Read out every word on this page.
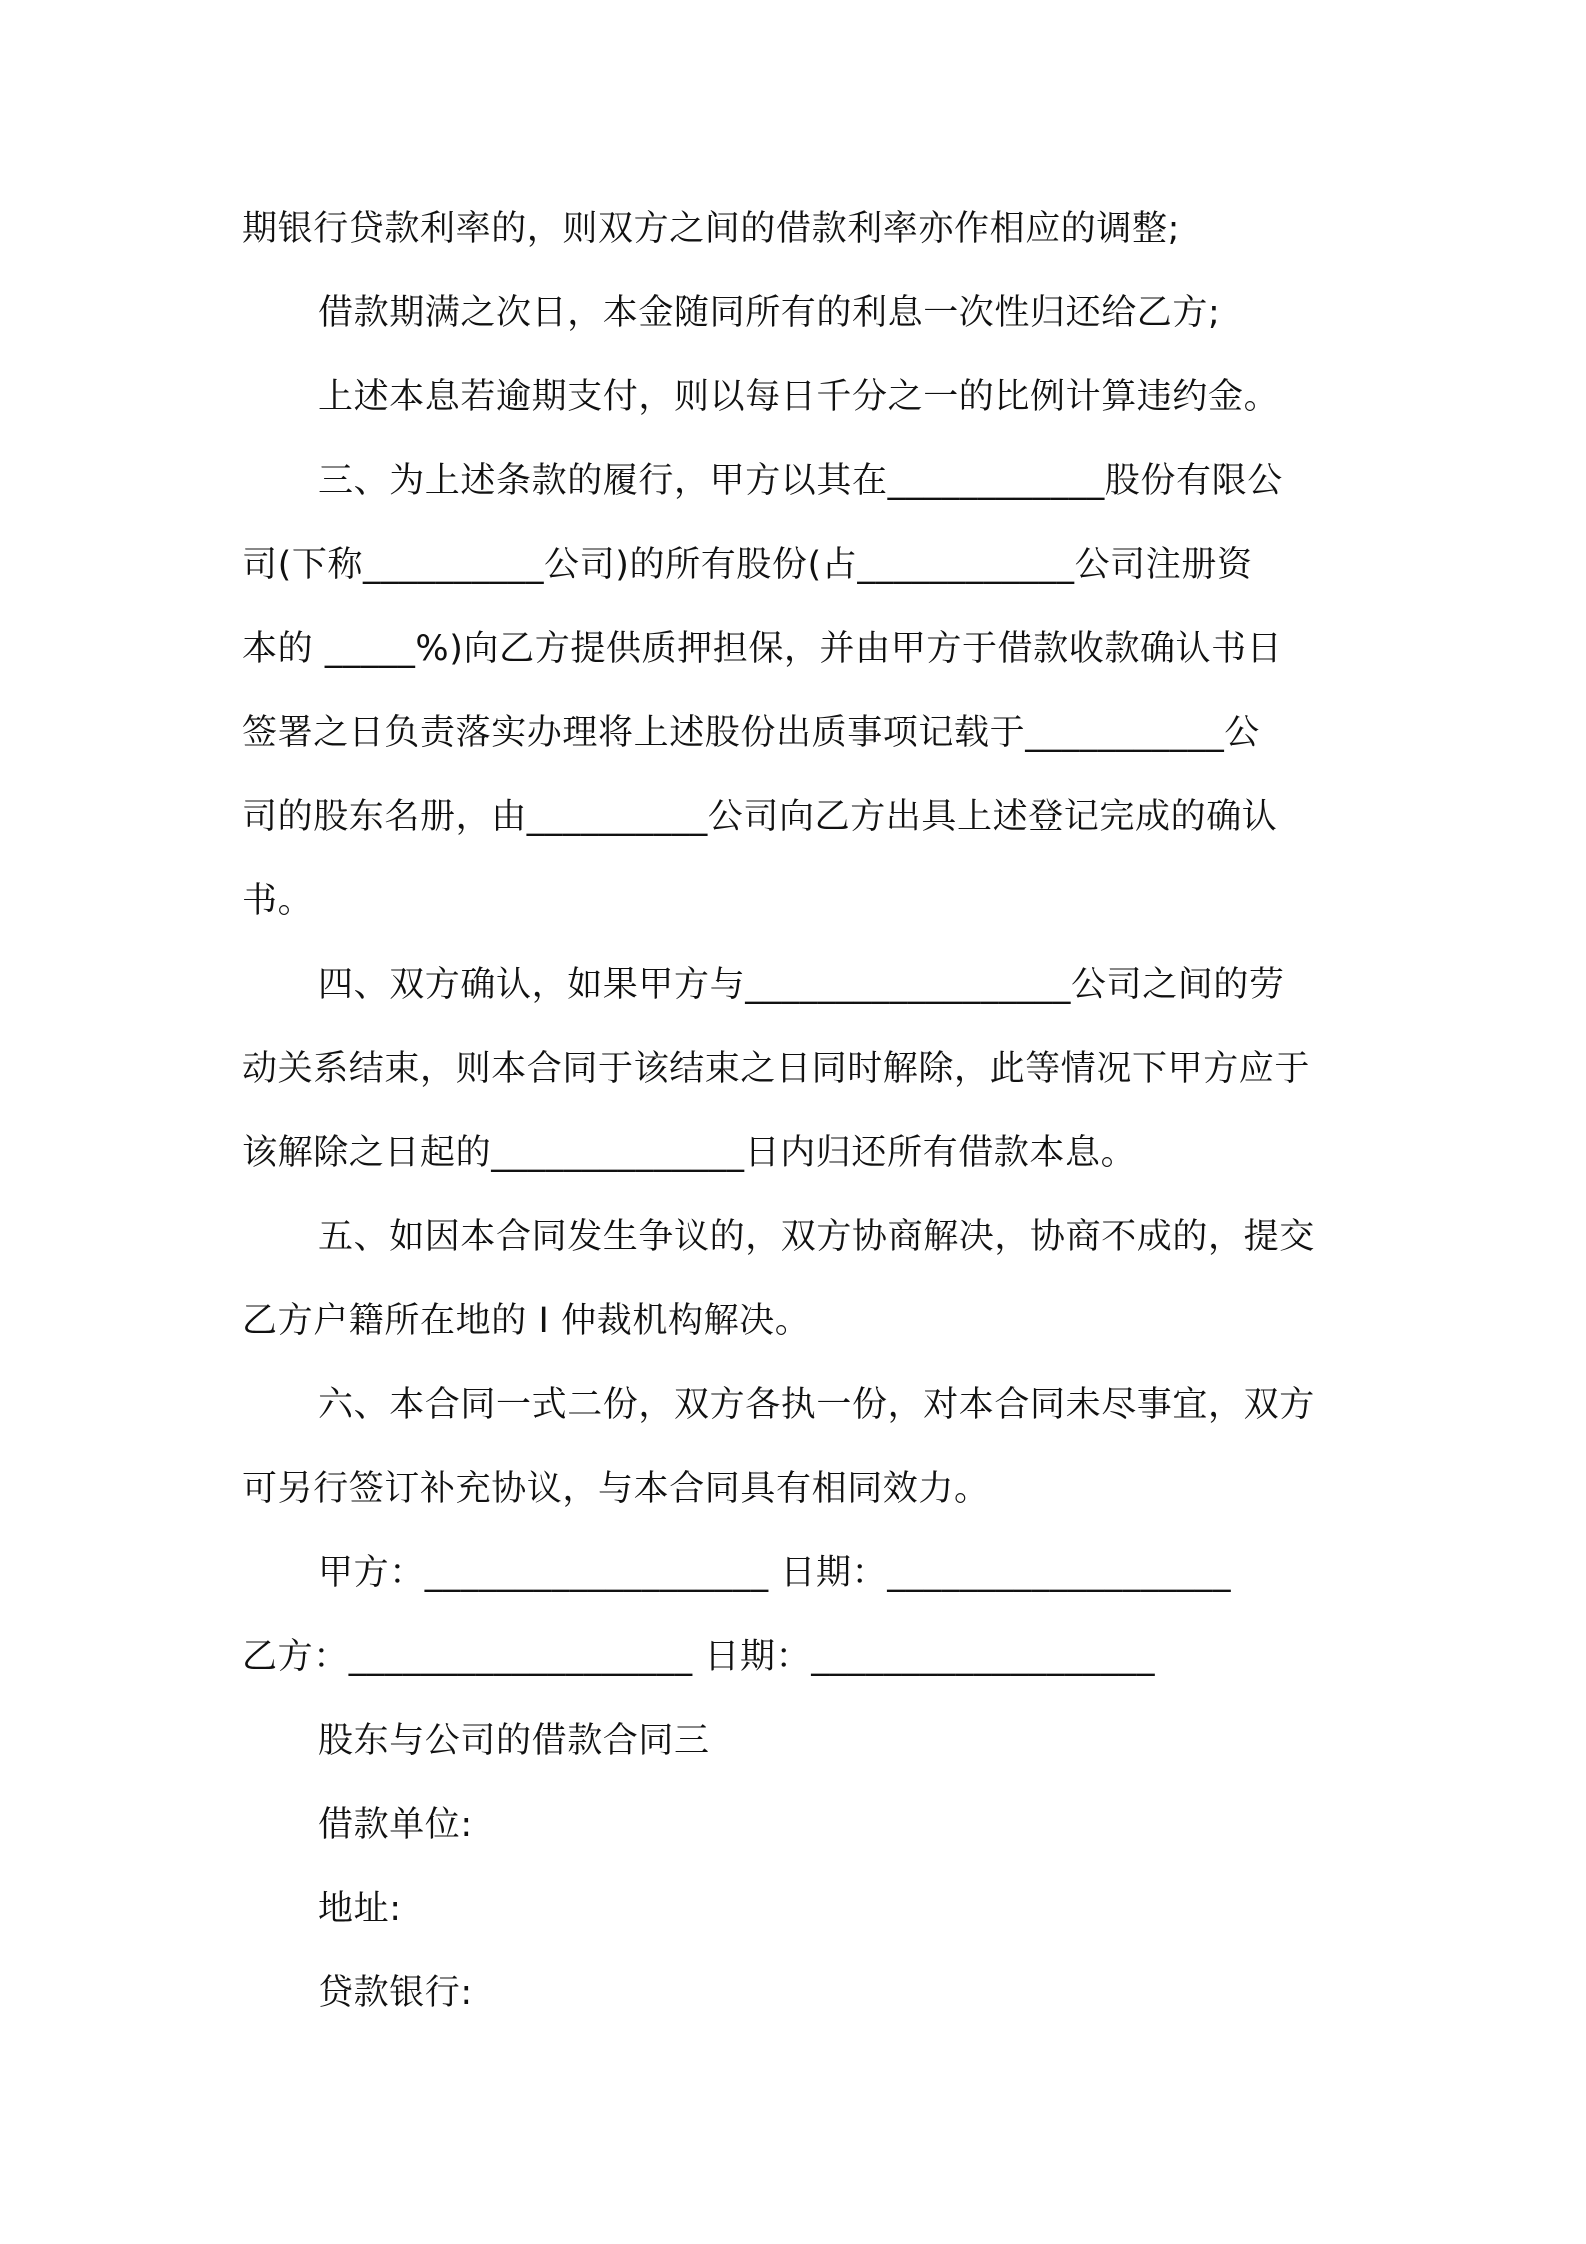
期银行贷款利率的，则双方之间的借款利率亦作相应的调整;
借款期满之次日，本金随同所有的利息一次性归还给乙方;
上述本息若逾期支付，则以每日千分之一的比例计算违约金。
三、为上述条款的履行，甲方以其在____________股份有限公
司(下称__________公司)的所有股份(占____________公司注册资
本的 _____%)向乙方提供质押担保，并由甲方于借款收款确认书日
签署之日负责落实办理将上述股份出质事项记载于___________公
司的股东名册，由__________公司向乙方出具上述登记完成的确认
书。
四、双方确认，如果甲方与__________________公司之间的劳
动关系结束，则本合同于该结束之日同时解除，此等情况下甲方应于
该解除之日起的______________日内归还所有借款本息。
五、如因本合同发生争议的，双方协商解决，协商不成的，提交
乙方户籍所在地的 I 仲裁机构解决。
六、本合同一式二份，双方各执一份，对本合同未尽事宜，双方
可另行签订补充协议，与本合同具有相同效力。
甲方：___________________ 日期：___________________
乙方：___________________ 日期：___________________
股东与公司的借款合同三
借款单位:
地址:
贷款银行:
